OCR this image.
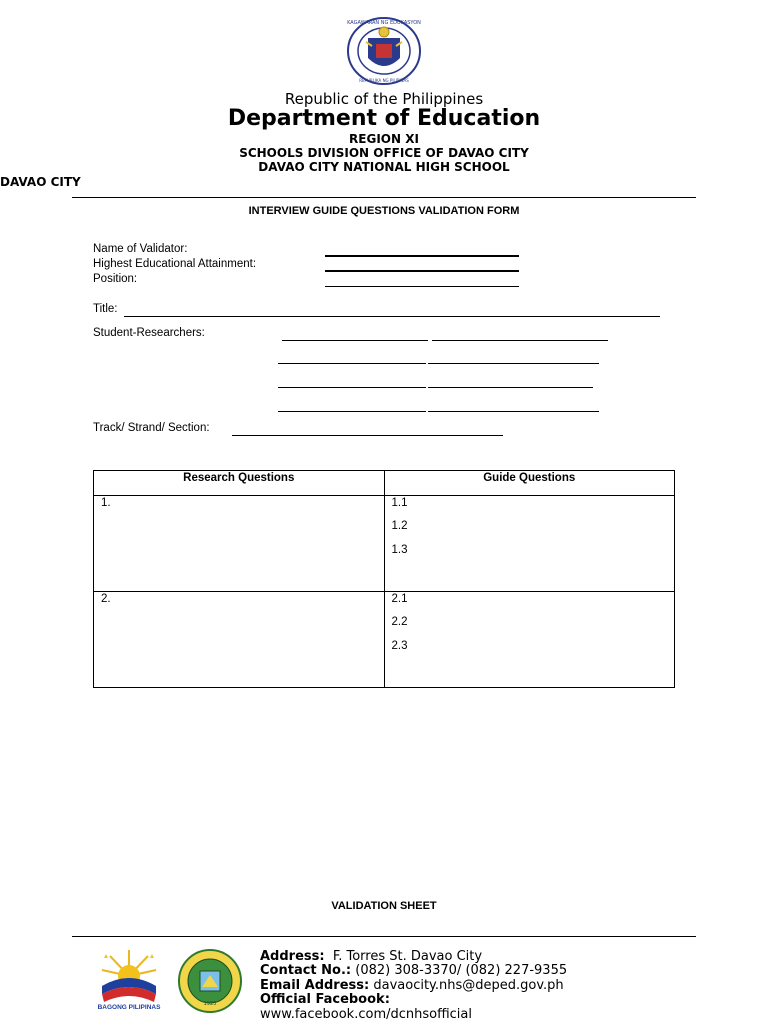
KAGAWARAN NG EDUKASYON
REPUBLIKA NG PILIPINAS
Republic of the Philippines
Department of Education
REGION XI
SCHOOLS DIVISION OFFICE OF DAVAO CITY
DAVAO CITY NATIONAL HIGH SCHOOL
DAVAO CITY
INTERVIEW GUIDE QUESTIONS VALIDATION FORM
Name of Validator:
Highest Educational Attainment:
Position:
Title:
Student-Researchers:
Track/ Strand/ Section:
Research Questions	Guide Questions

1.	1.1
1.2
1.3

2.	2.1
2.2
2.3
VALIDATION SHEET
BAGONG PILIPINAS	1923
Address: F. Torres St. Davao City
Contact No.: (082) 308-3370/ (082) 227-9355
Email Address: davaocity.nhs@deped.gov.ph
Official Facebook:
www.facebook.com/dcnhsofficial
